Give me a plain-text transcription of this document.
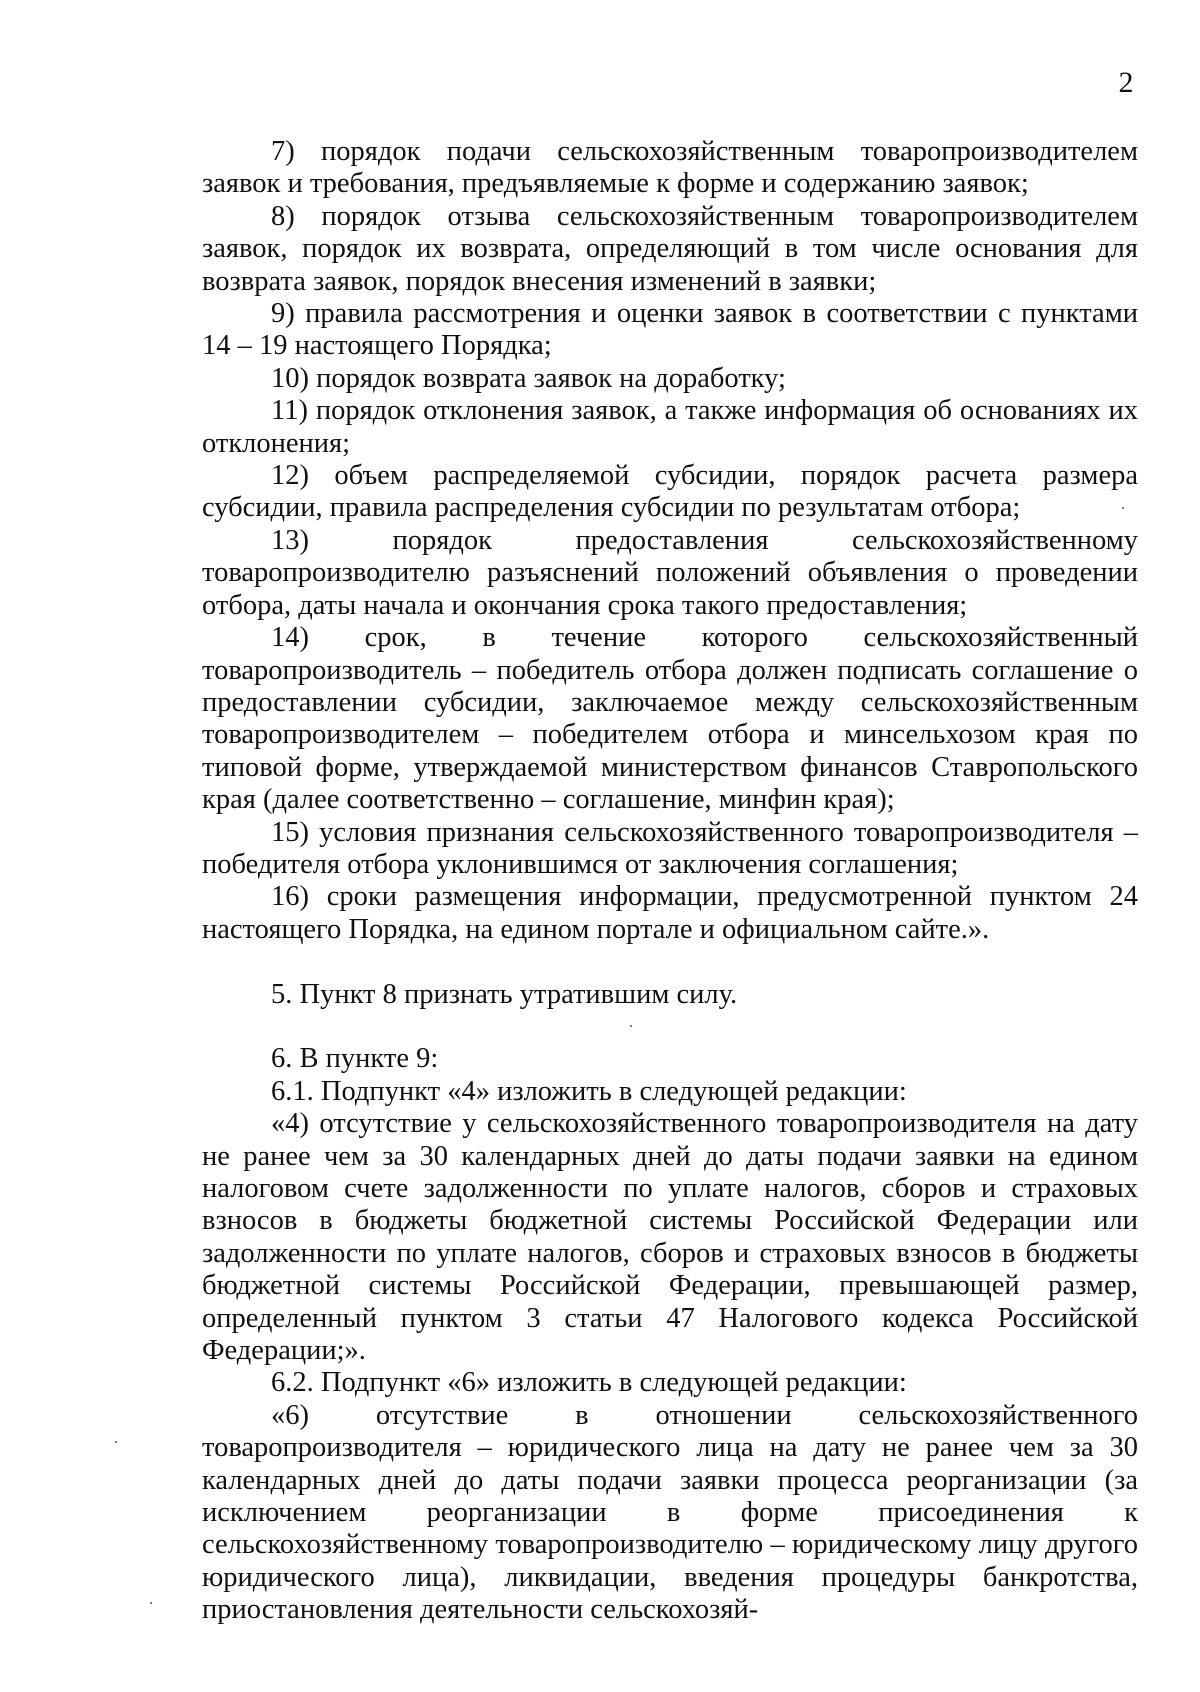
2

7) порядок подачи сельскохозяйственным товаропроизводителем заявок и требования, предъявляемые к форме и содержанию заявок;

8) порядок отзыва сельскохозяйственным товаропроизводителем заявок, порядок их возврата, определяющий в том числе основания для возврата заявок, порядок внесения изменений в заявки;

9) правила рассмотрения и оценки заявок в соответствии с пунктами 14 – 19 настоящего Порядка;

10) порядок возврата заявок на доработку;

11) порядок отклонения заявок, а также информация об основаниях их отклонения;

12) объем распределяемой субсидии, порядок расчета размера субсидии, правила распределения субсидии по результатам отбора;

13) порядок предоставления сельскохозяйственному товаропроизводителю разъяснений положений объявления о проведении отбора, даты начала и окончания срока такого предоставления;

14) срок, в течение которого сельскохозяйственный товаропроизводитель – победитель отбора должен подписать соглашение о предоставлении субсидии, заключаемое между сельскохозяйственным товаропроизводителем – победителем отбора и минсельхозом края по типовой форме, утверждаемой министерством финансов Ставропольского края (далее соответственно – соглашение, минфин края);

15) условия признания сельскохозяйственного товаропроизводителя – победителя отбора уклонившимся от заключения соглашения;

16) сроки размещения информации, предусмотренной пунктом 24 настоящего Порядка, на едином портале и официальном сайте.».

5. Пункт 8 признать утратившим силу.

6. В пункте 9:

6.1. Подпункт «4» изложить в следующей редакции:

«4) отсутствие у сельскохозяйственного товаропроизводителя на дату не ранее чем за 30 календарных дней до даты подачи заявки на едином налоговом счете задолженности по уплате налогов, сборов и страховых взносов в бюджеты бюджетной системы Российской Федерации или задолженности по уплате налогов, сборов и страховых взносов в бюджеты бюджетной системы Российской Федерации, превышающей размер, определенный пунктом 3 статьи 47 Налогового кодекса Российской Федерации;».

6.2. Подпункт «6» изложить в следующей редакции:

«6) отсутствие в отношении сельскохозяйственного товаропроизводителя – юридического лица на дату не ранее чем за 30 календарных дней до даты подачи заявки процесса реорганизации (за исключением реорганизации в форме присоединения к сельскохозяйственному товаропроизводителю – юридическому лицу другого юридического лица), ликвидации, введения процедуры банкротства, приостановления деятельности сельскохозяй-
